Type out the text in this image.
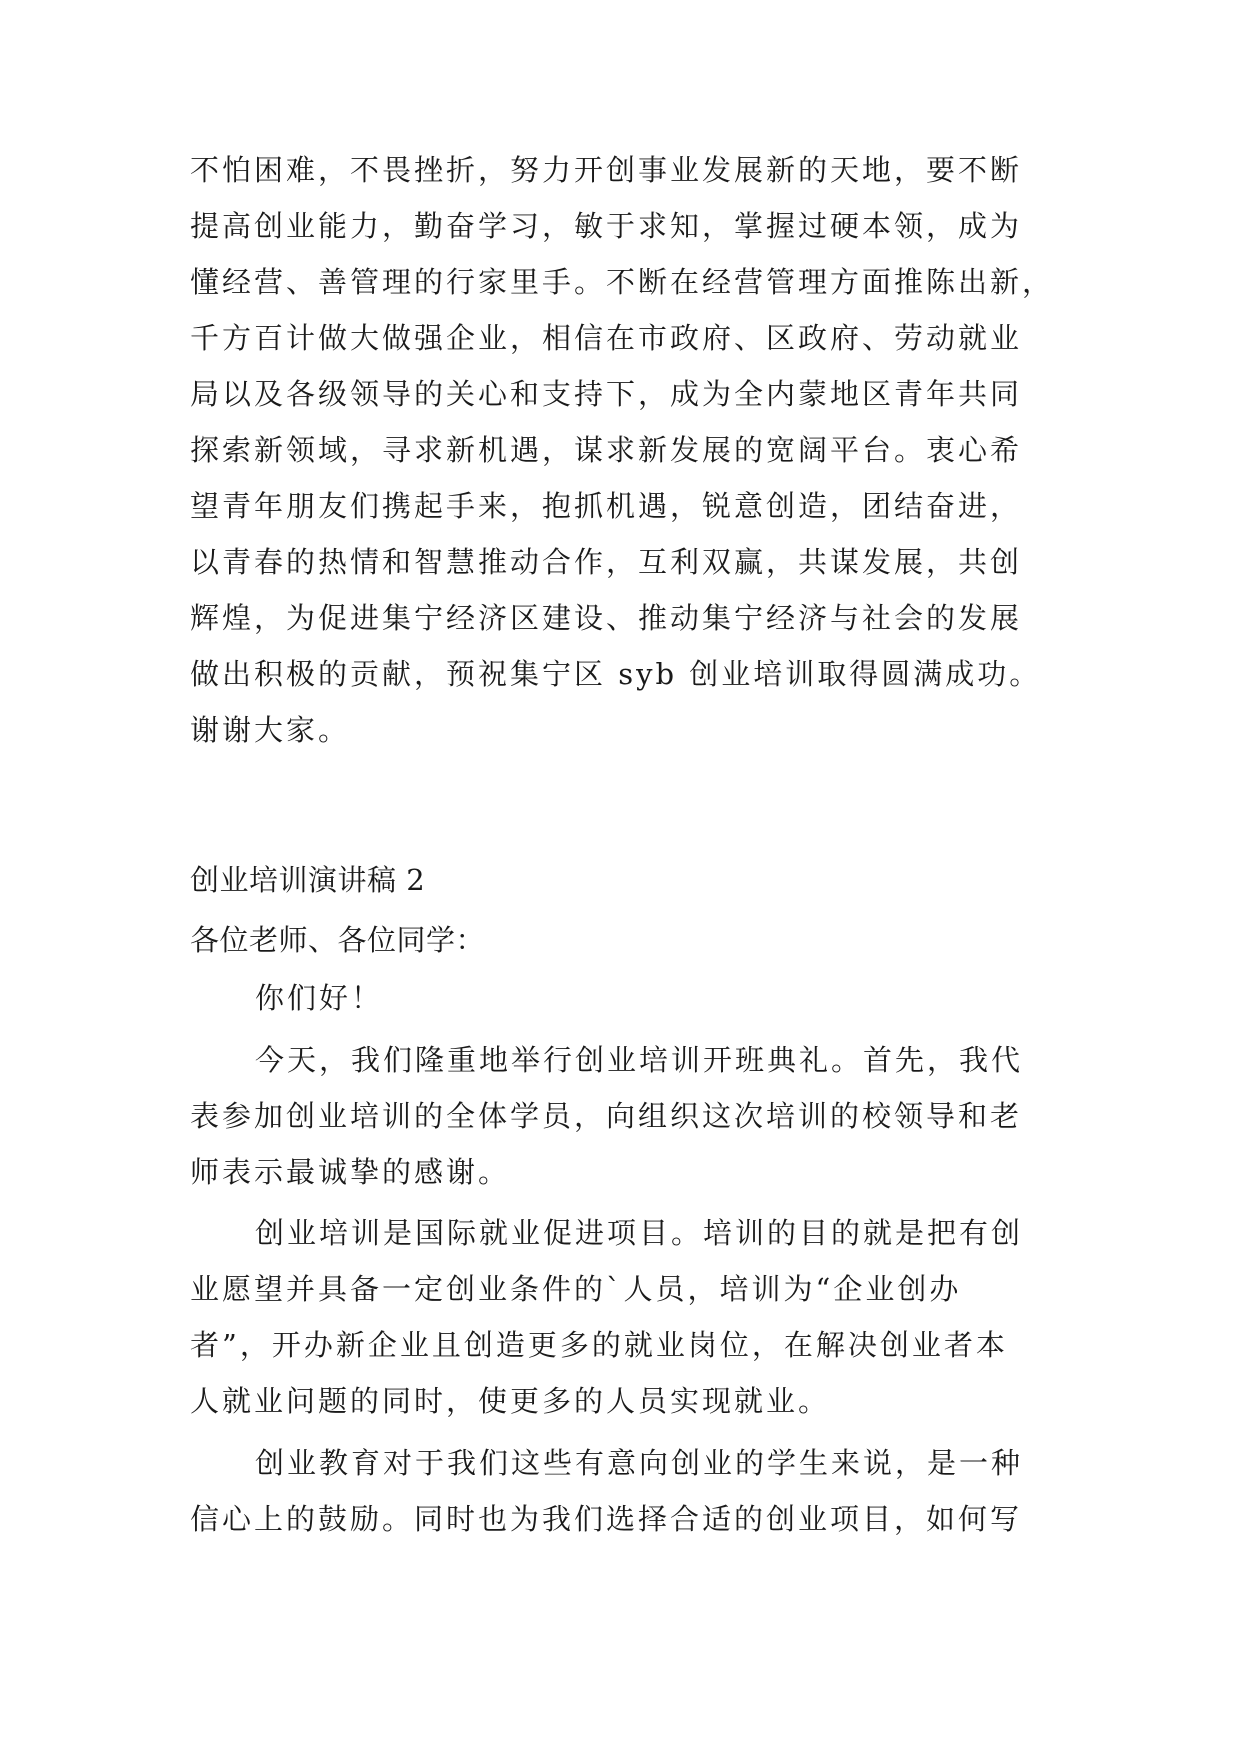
不怕困难，不畏挫折，努力开创事业发展新的天地，要不断
提高创业能力，勤奋学习，敏于求知，掌握过硬本领，成为
懂经营、善管理的行家里手。不断在经营管理方面推陈出新，
千方百计做大做强企业，相信在市政府、区政府、劳动就业
局以及各级领导的关心和支持下，成为全内蒙地区青年共同
探索新领域，寻求新机遇，谋求新发展的宽阔平台。衷心希
望青年朋友们携起手来，抱抓机遇，锐意创造，团结奋进，
以青春的热情和智慧推动合作，互利双赢，共谋发展，共创
辉煌，为促进集宁经济区建设、推动集宁经济与社会的发展
做出积极的贡献，预祝集宁区 syb 创业培训取得圆满成功。
谢谢大家。
创业培训演讲稿 2
各位老师、各位同学：
你们好！
今天，我们隆重地举行创业培训开班典礼。首先，我代
表参加创业培训的全体学员，向组织这次培训的校领导和老
师表示最诚挚的感谢。
创业培训是国际就业促进项目。培训的目的就是把有创
业愿望并具备一定创业条件的`人员，培训为“企业创办
者”，开办新企业且创造更多的就业岗位，在解决创业者本
人就业问题的同时，使更多的人员实现就业。
创业教育对于我们这些有意向创业的学生来说，是一种
信心上的鼓励。同时也为我们选择合适的创业项目，如何写
